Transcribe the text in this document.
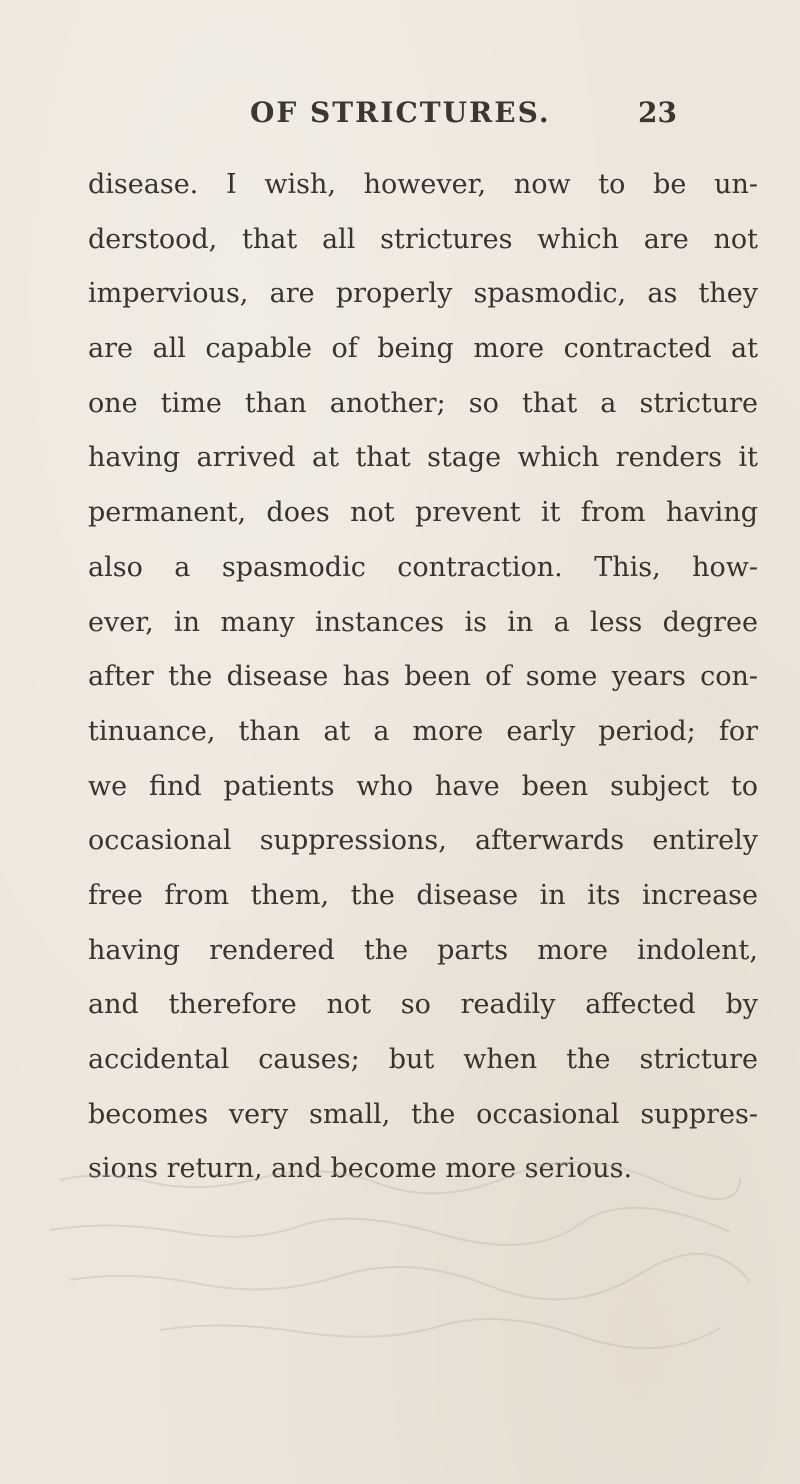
OF STRICTURES.	23
disease. I wish, however, now to be un-
derstood, that all strictures which are not
impervious, are properly spasmodic, as they
are all capable of being more contracted at
one time than another; so that a stricture
having arrived at that stage which renders it
permanent, does not prevent it from having
also a spasmodic contraction. This, how-
ever, in many instances is in a less degree
after the disease has been of some years con-
tinuance, than at a more early period; for
we find patients who have been subject to
occasional suppressions, afterwards entirely
free from them, the disease in its increase
having rendered the parts more indolent,
and therefore not so readily affected by
accidental causes; but when the stricture
becomes very small, the occasional suppres-
sions return, and become more serious.
